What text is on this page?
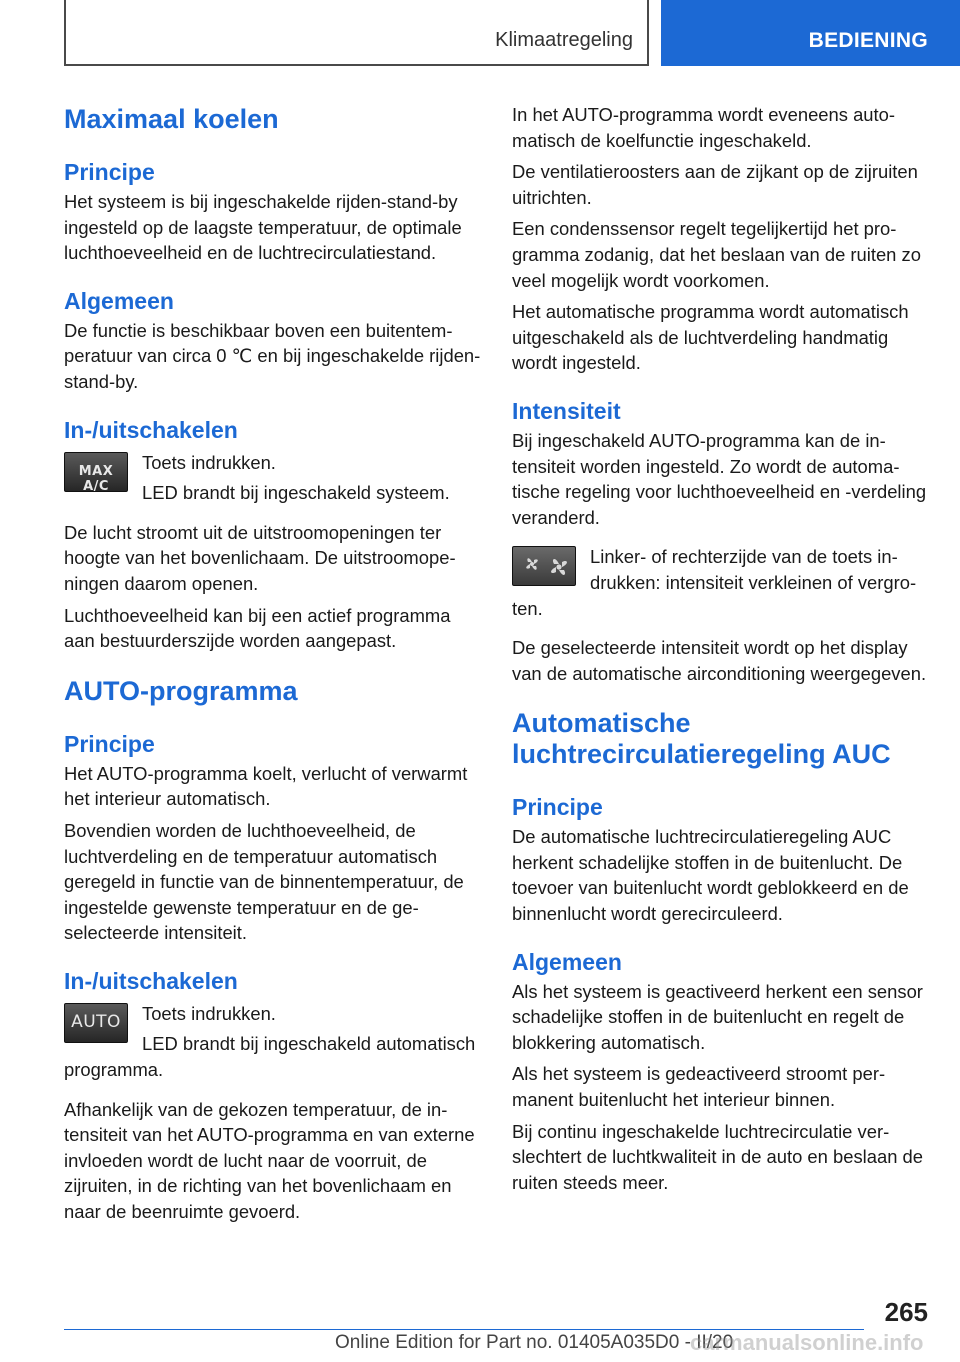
Klimaatregeling	BEDIENING
Maximaal koelen
Principe

Het systeem is bij ingeschakelde rijden-stand-by ingesteld op de laagste temperatuur, de optimale luchthoeveelheid en de luchtrecirculatiestand.

Algemeen

De functie is beschikbaar boven een buitentemperatuur van circa 0 ℃ en bij ingeschakelde rijden-stand-by.

In-/uitschakelen
MAX A/C

Toets indrukken.

LED brandt bij ingeschakeld systeem.

De lucht stroomt uit de uitstroomopeningen ter hoogte van het bovenlichaam. De uitstroomopeningen daarom openen.

Luchthoeveelheid kan bij een actief programma aan bestuurderszijde worden aangepast.

AUTO-programma
Principe

Het AUTO-programma koelt, verlucht of verwarmt het interieur automatisch.

Bovendien worden de luchthoeveelheid, de luchtverdeling en de temperatuur automatisch geregeld in functie van de binnentemperatuur, de ingestelde gewenste temperatuur en de geselecteerde intensiteit.

In-/uitschakelen
AUTO	Toets indrukken.

LED brandt bij ingeschakeld automatisch programma.

Afhankelijk van de gekozen temperatuur, de intensiteit van het AUTO-programma en van externe invloeden wordt de lucht naar de voorruit, de zijruiten, in de richting van het bovenlichaam en naar de beenruimte gevoerd.

In het AUTO-programma wordt eveneens automatisch de koelfunctie ingeschakeld.

De ventilatieroosters aan de zijkant op de zijruiten uitrichten.

Een condenssensor regelt tegelijkertijd het programma zodanig, dat het beslaan van de ruiten zo veel mogelijk wordt voorkomen.

Het automatische programma wordt automatisch uitgeschakeld als de luchtverdeling handmatig wordt ingesteld.

Intensiteit

Bij ingeschakeld AUTO-programma kan de intensiteit worden ingesteld. Zo wordt de automatische regeling voor luchthoeveelheid en -verdeling veranderd.

Linker- of rechterzijde van de toets indrukken: intensiteit verkleinen of vergroten.

De geselecteerde intensiteit wordt op het display van de automatische airconditioning weergegeven.

Automatische luchtrecirculatieregeling AUC
Principe

De automatische luchtrecirculatieregeling AUC herkent schadelijke stoffen in de buitenlucht. De toevoer van buitenlucht wordt geblokkeerd en de binnenlucht wordt gerecirculeerd.

Algemeen

Als het systeem is geactiveerd herkent een sensor schadelijke stoffen in de buitenlucht en regelt de blokkering automatisch.

Als het systeem is gedeactiveerd stroomt permanent buitenlucht het interieur binnen.

Bij continu ingeschakelde luchtrecirculatie verslechtert de luchtkwaliteit in de auto en beslaan de ruiten steeds meer.

265
Online Edition for Part no. 01405A035D0 - II/20
carmanualsonline.info
